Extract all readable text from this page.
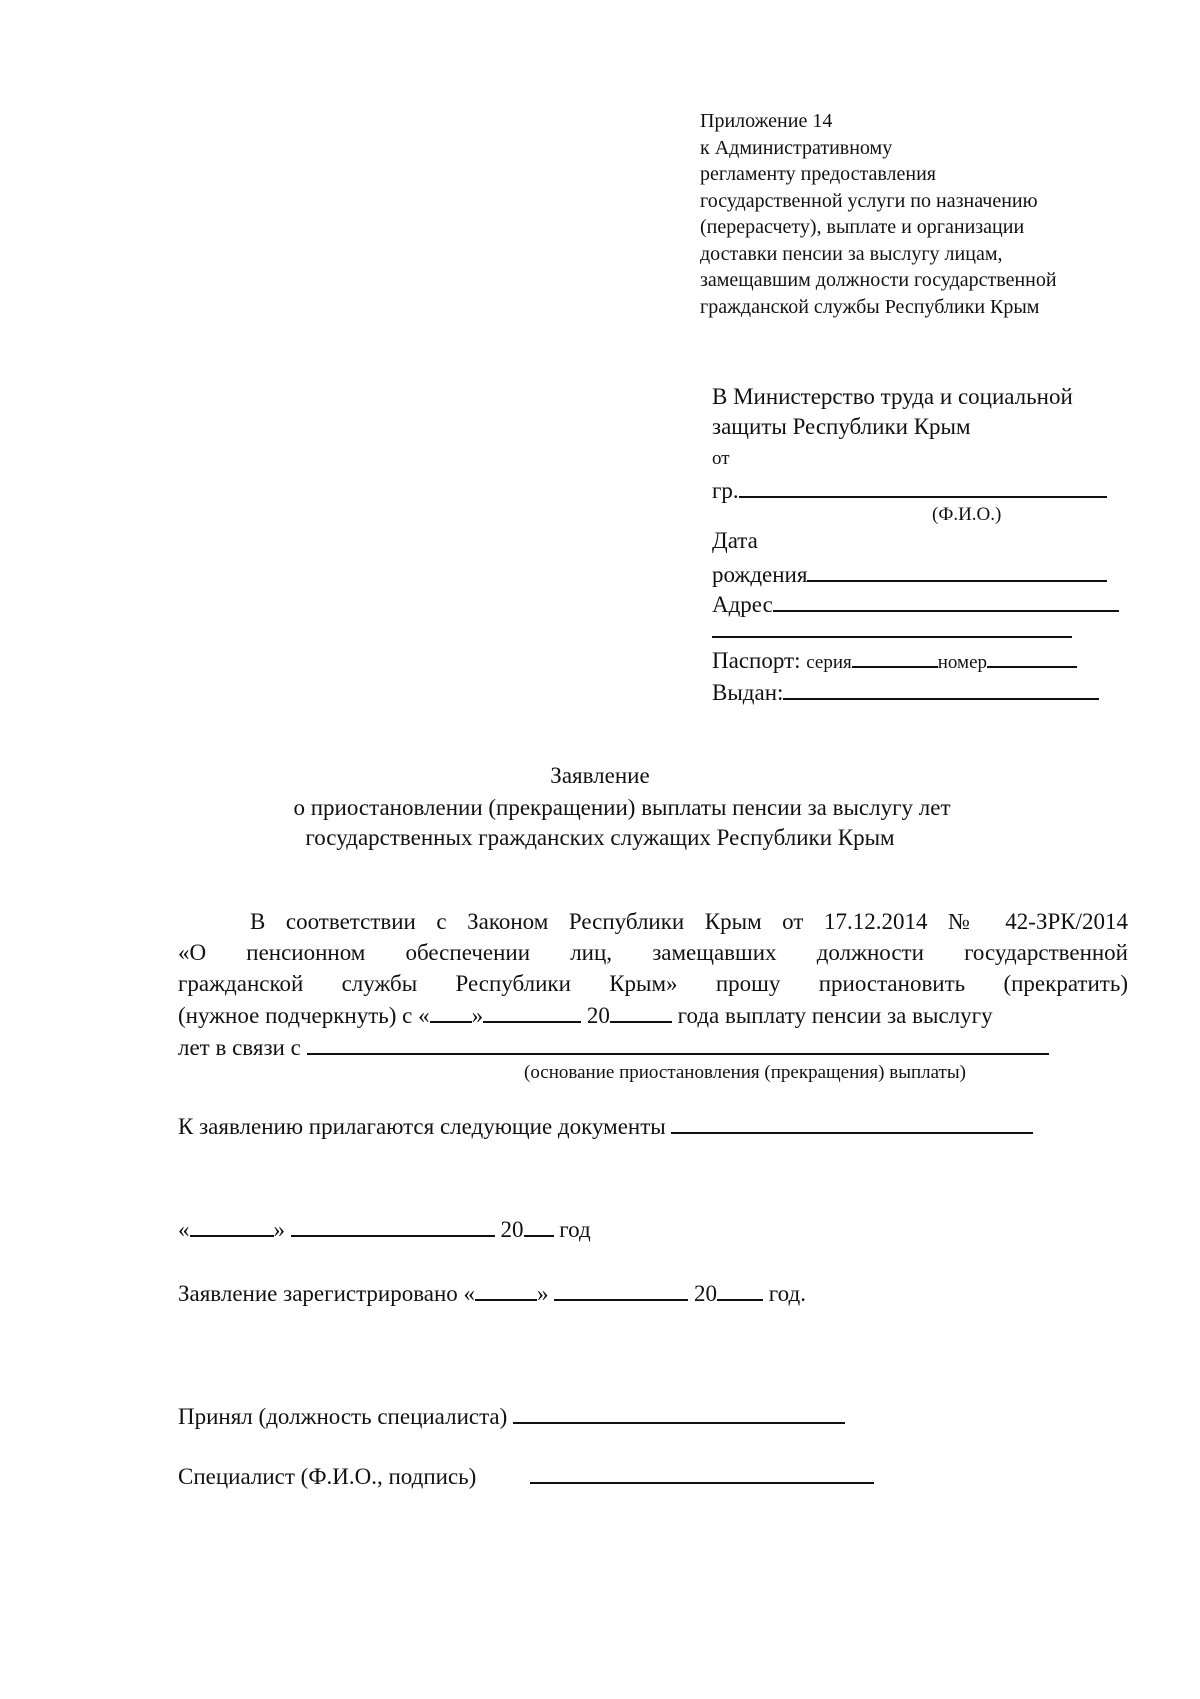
Приложение 14
к Административному
регламенту предоставления
государственной услуги по назначению
(перерасчету), выплате и организации
доставки пенсии за выслугу лицам,
замещавшим должности государственной
гражданской службы Республики Крым
В Министерство труда и социальной
защиты Республики Крым
от
гр.
(Ф.И.О.)
Дата
рождения
Адрес
Паспорт: серия	номер
Выдан:
Заявление
о приостановлении (прекращении) выплаты пенсии за выслугу лет
государственных гражданских служащих Республики Крым
В соответствии с Законом Республики Крым от 17.12.2014 № 42-ЗРК/2014
«О пенсионном обеспечении лиц, замещавших должности государственной
гражданской службы Республики Крым» прошу приостановить (прекратить)
(нужное подчеркнуть) с « »	20	года выплату пенсии за выслугу
лет в связи с
(основание приостановления (прекращения) выплаты)
К заявлению прилагаются следующие документы
«	»	20 год
Заявление зарегистрировано «	»	20 год.
Принял (должность специалиста)
Специалист (Ф.И.О., подпись)
